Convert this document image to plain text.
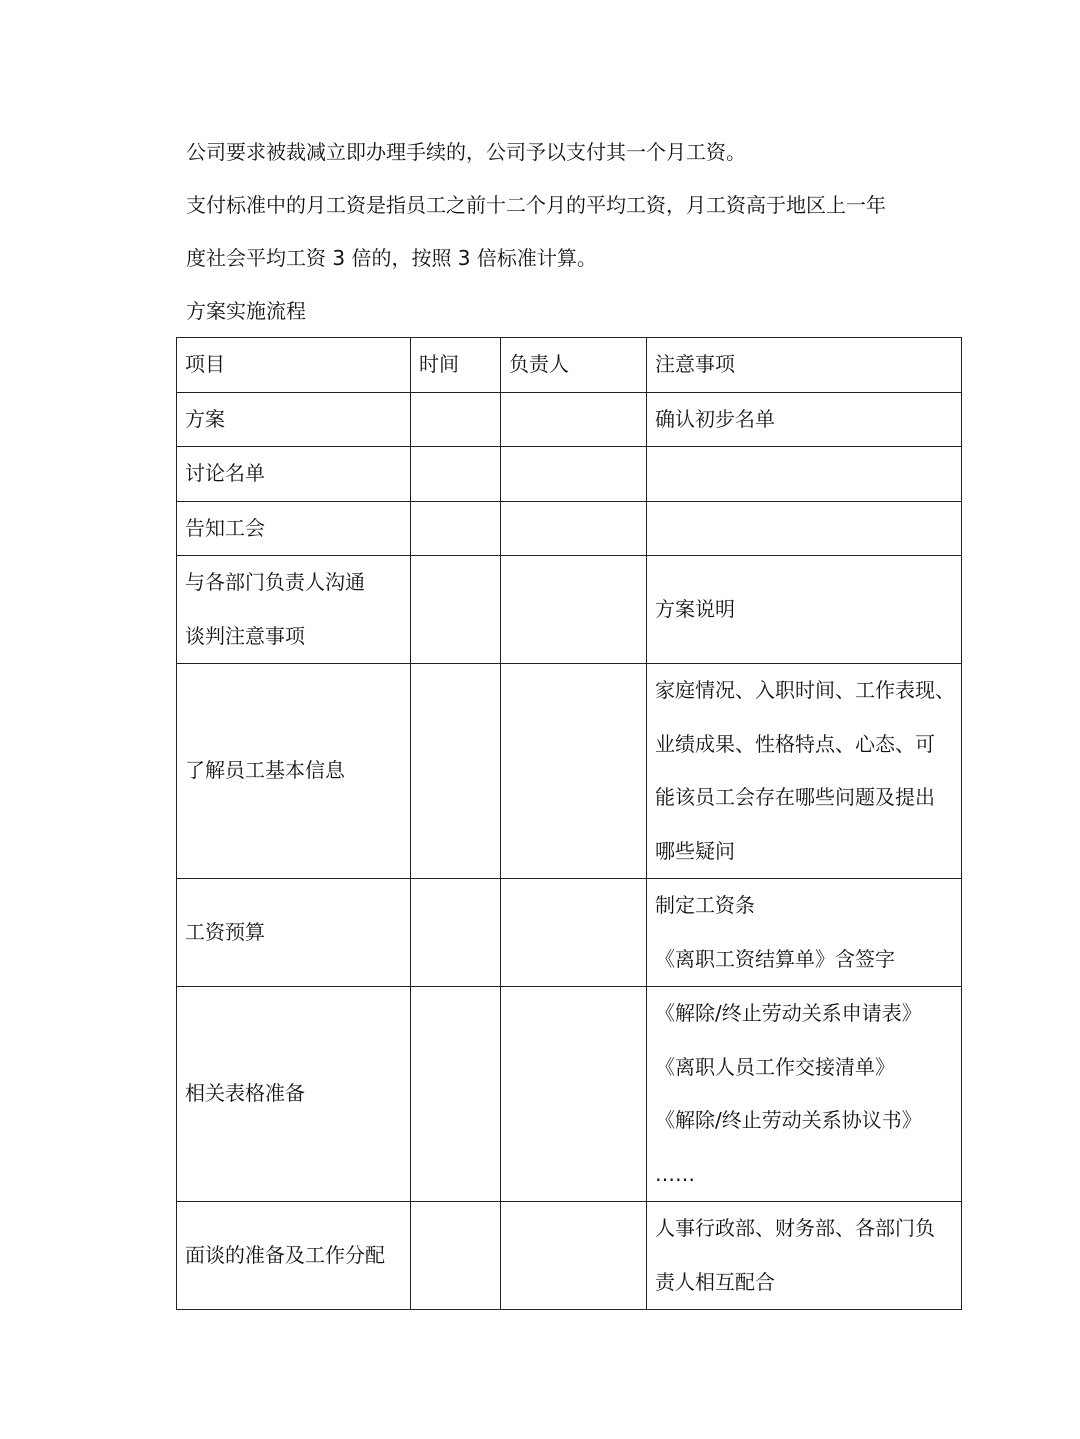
公司要求被裁减立即办理手续的，公司予以支付其一个月工资。
支付标准中的月工资是指员工之前十二个月的平均工资，月工资高于地区上一年
度社会平均工资 3 倍的，按照 3 倍标准计算。
方案实施流程
项目	时间	负责人	注意事项

方案			确认初步名单

讨论名单			

告知工会			

与各部门负责人沟通
谈判注意事项			方案说明

了解员工基本信息			家庭情况、入职时间、工作表现、
业绩成果、性格特点、心态、可
能该员工会存在哪些问题及提出
哪些疑问

工资预算			制定工资条
《离职工资结算单》含签字

相关表格准备			《解除/终止劳动关系申请表》
《离职人员工作交接清单》
《解除/终止劳动关系协议书》
……

面谈的准备及工作分配			人事行政部、财务部、各部门负
责人相互配合
